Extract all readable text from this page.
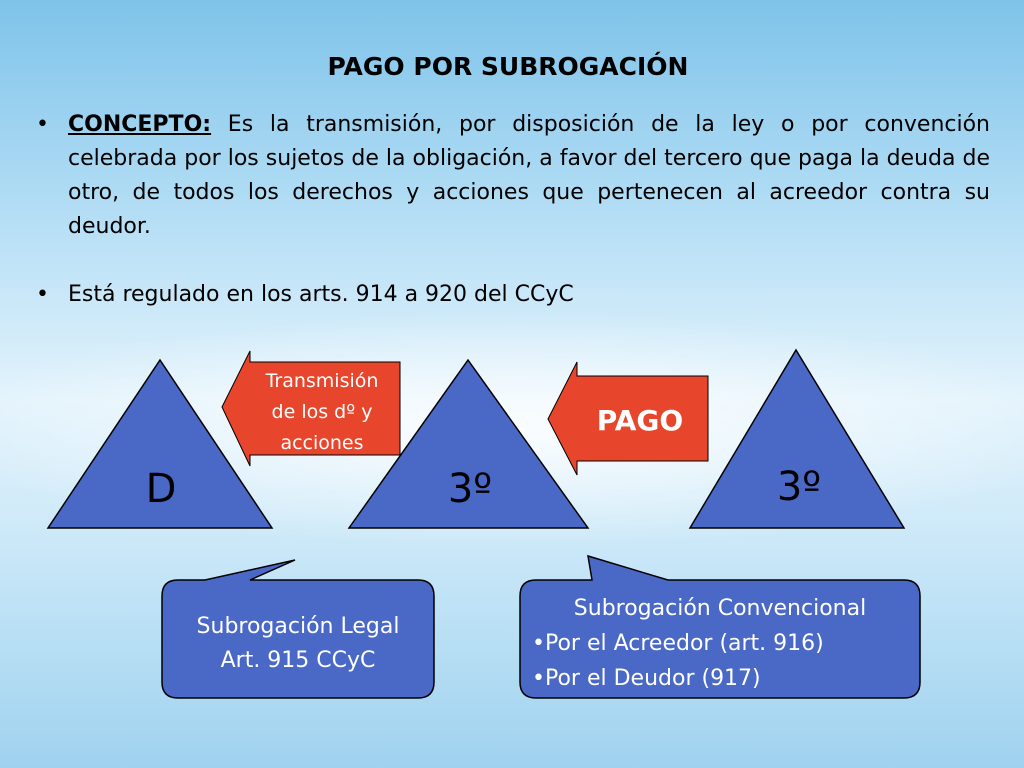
PAGO POR SUBROGACIÓN
• CONCEPTO: Es la transmisión, por disposición de la ley o por convención celebrada por los sujetos de la obligación, a favor del tercero que paga la deuda de otro, de todos los derechos y acciones que pertenecen al acreedor contra su deudor.
• Está regulado en los arts. 914 a 920 del CCyC
D	3º	3º
Transmisión
de los dº y
acciones
PAGO
Subrogación Legal
Art. 915 CCyC
Subrogación Convencional
•Por el Acreedor (art. 916)
•Por el Deudor (917)
